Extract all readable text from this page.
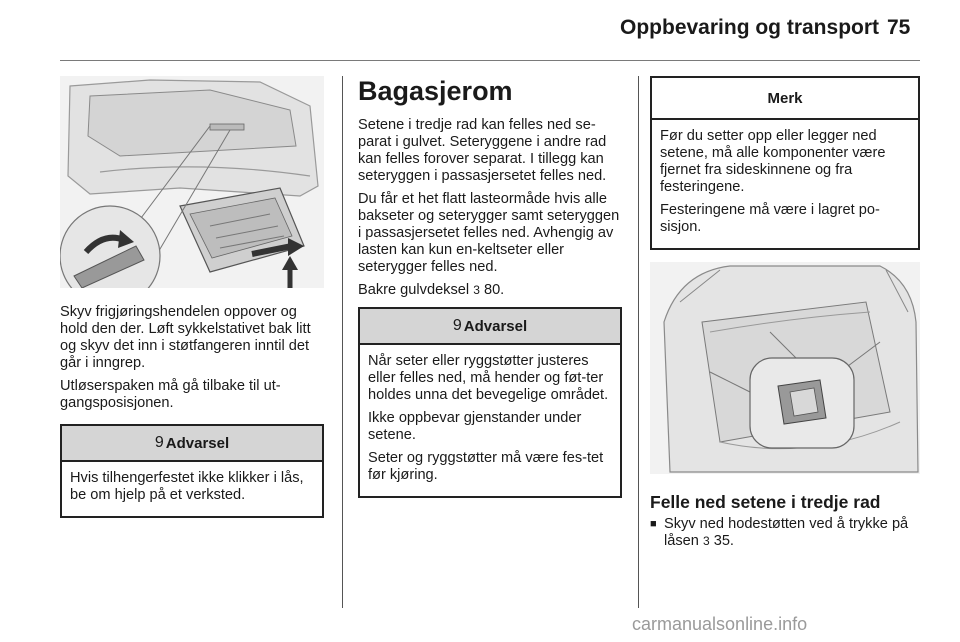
Oppbevaring og transport 75

Skyv frigjøringshendelen oppover og hold den der. Løft sykkelstativet bak litt og skyv det inn i støtfangeren inntil det går i inngrep.

Utløserspaken må gå tilbake til ut-gangsposisjonen.

9 Advarsel

Hvis tilhengerfestet ikke klikker i lås, be om hjelp på et verksted.

Bagasjerom

Setene i tredje rad kan felles ned se-parat i gulvet. Seteryggene i andre rad kan felles forover separat. I tillegg kan seteryggen i passasjersetet felles ned.

Du får et het flatt lasteormåde hvis alle bakseter og seterygger samt seteryggen i passasjersetet felles ned. Avhengig av lasten kan kun en-keltseter eller seterygger felles ned.

Bakre gulvdeksel 3 80.

9 Advarsel

Når seter eller ryggstøtter justeres eller felles ned, må hender og føt-ter holdes unna det bevegelige området.

Ikke oppbevar gjenstander under setene.

Seter og ryggstøtter må være fes-tet før kjøring.

Merk

Før du setter opp eller legger ned setene, må alle komponenter være fjernet fra sideskinnene og fra festeringene.

Festeringene må være i lagret po-sisjon.

Felle ned setene i tredje rad
■ Skyv ned hodestøtten ved å trykke på låsen 3 35.
carmanualsonline.info
